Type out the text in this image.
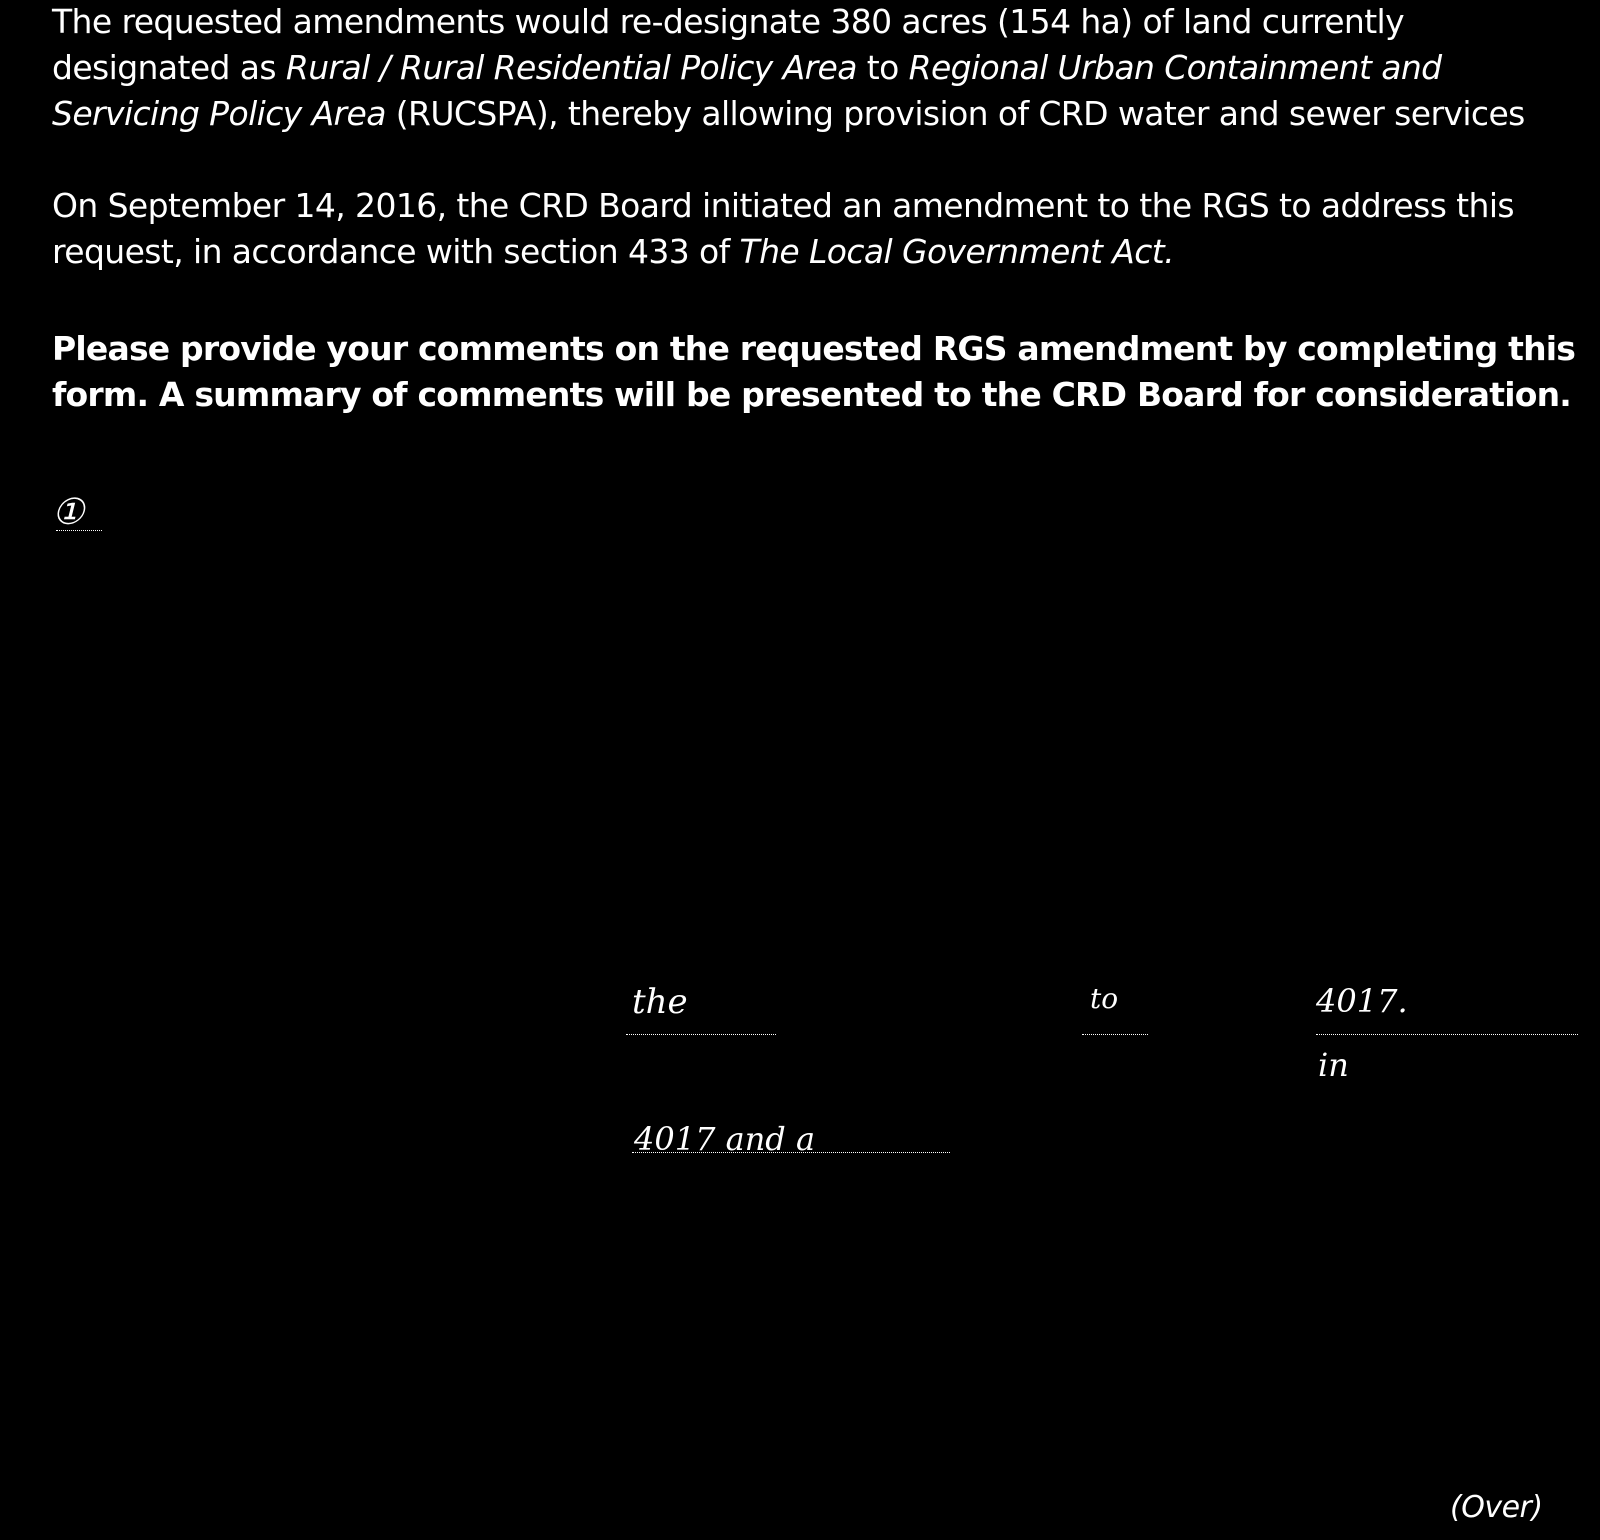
The requested amendments would re-designate 380 acres (154 ha) of land currently
designated as Rural / Rural Residential Policy Area to Regional Urban Containment and
Servicing Policy Area (RUCSPA), thereby allowing provision of CRD water and sewer services

On September 14, 2016, the CRD Board initiated an amendment to the RGS to address this
request, in accordance with section 433 of The Local Government Act.

Please provide your comments on the requested RGS amendment by completing this
form. A summary of comments will be presented to the CRD Board for consideration.

①
the	to	4017.
in
4017 and a
(Over)
